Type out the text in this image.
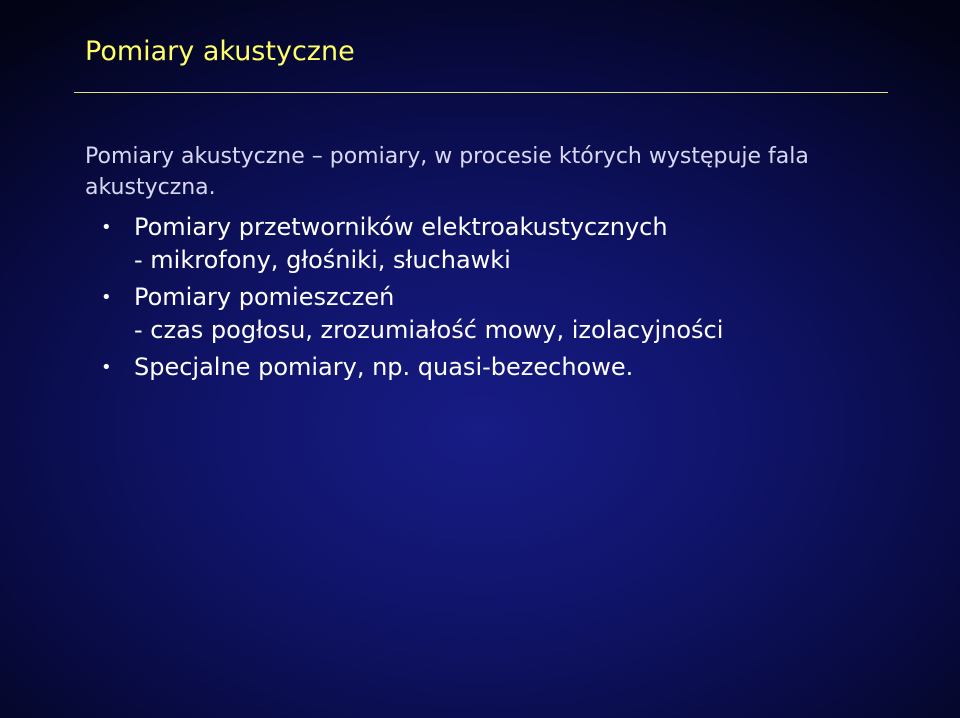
Pomiary akustyczne

Pomiary akustyczne – pomiary, w procesie których występuje fala akustyczna.

• Pomiary przetworników elektroakustycznych
- mikrofony, głośniki, słuchawki
• Pomiary pomieszczeń
- czas pogłosu, zrozumiałość mowy, izolacyjności
• Specjalne pomiary, np. quasi-bezechowe.
